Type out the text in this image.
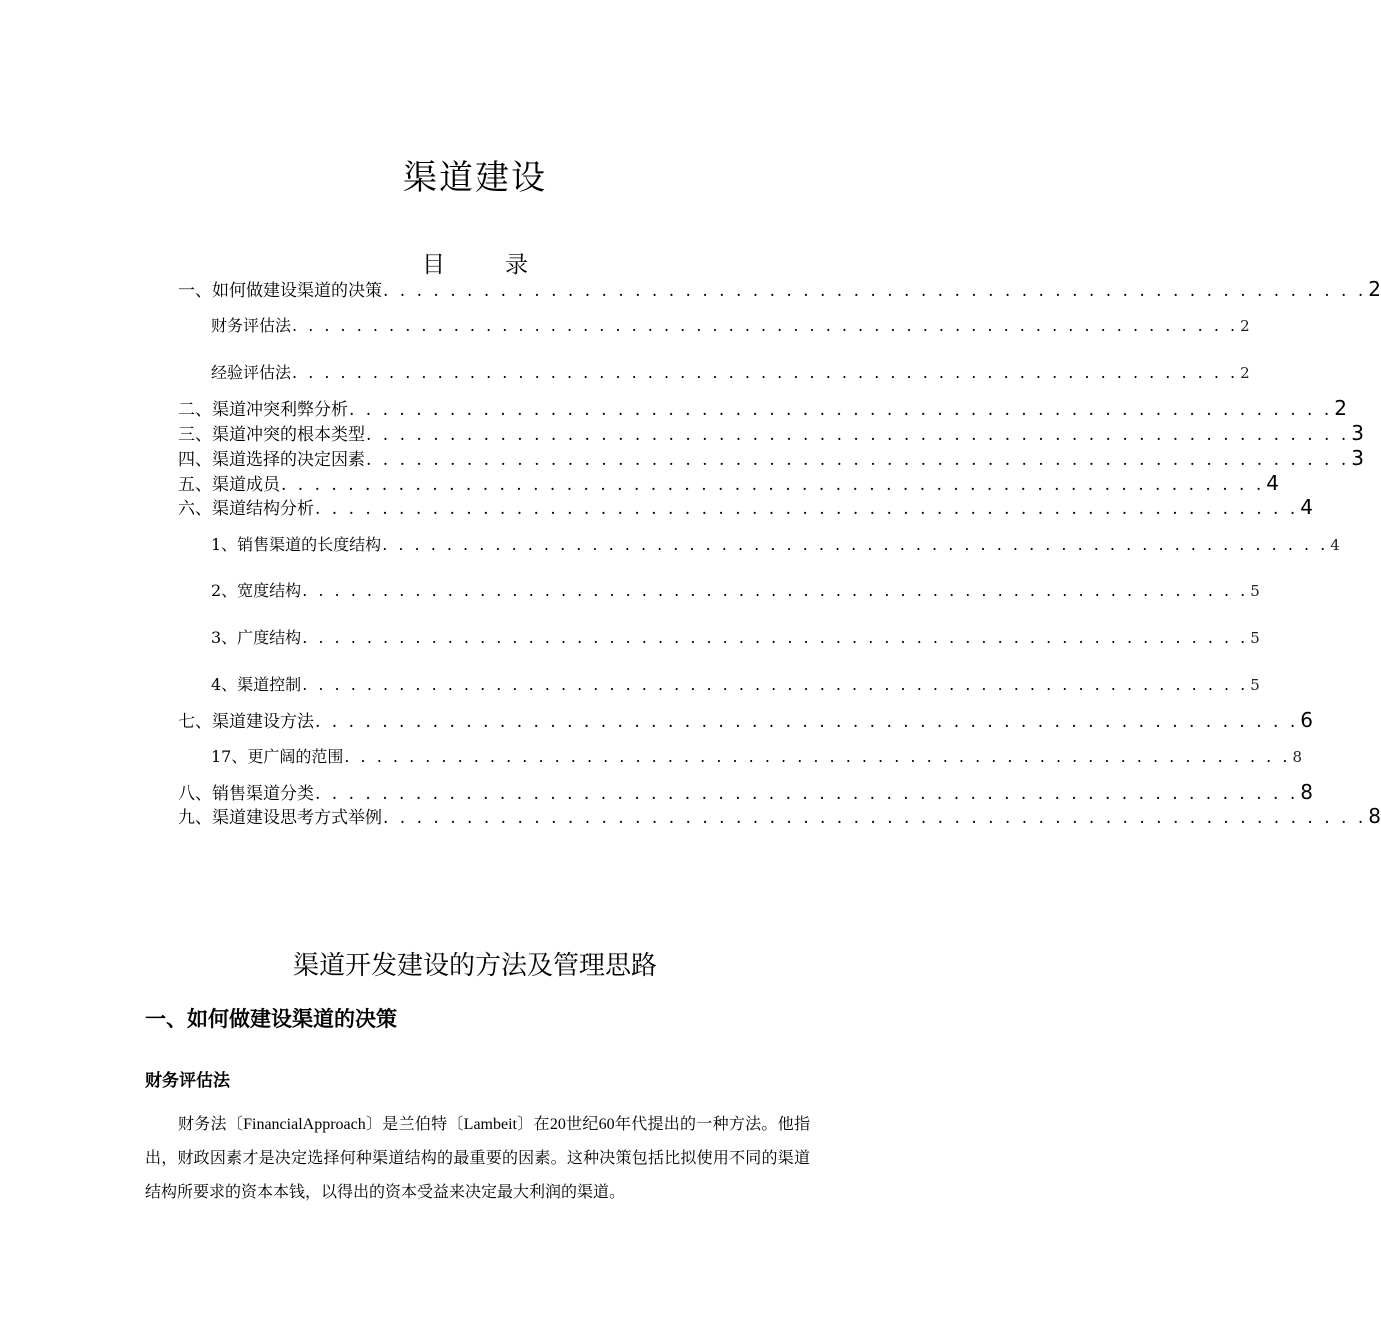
渠道建设
目	录
一、如何做建设渠道的决策 . . . . . . . . . . . . . . . . . . . . . . . . . . . . . . . . . . . . . . . . . . . . . . . . . . . . . . . . . . . 2
财务评估法 . . . . . . . . . . . . . . . . . . . . . . . . . . . . . . . . . . . . . . . . . . . . . . . . . . . . . . . . . . . 2
经验评估法 . . . . . . . . . . . . . . . . . . . . . . . . . . . . . . . . . . . . . . . . . . . . . . . . . . . . . . . . . . . 2
二、渠道冲突利弊分析 . . . . . . . . . . . . . . . . . . . . . . . . . . . . . . . . . . . . . . . . . . . . . . . . . . . . . . . . . . . 2
三、渠道冲突的根本类型 . . . . . . . . . . . . . . . . . . . . . . . . . . . . . . . . . . . . . . . . . . . . . . . . . . . . . . . . . . . 3
四、渠道选择的决定因素 . . . . . . . . . . . . . . . . . . . . . . . . . . . . . . . . . . . . . . . . . . . . . . . . . . . . . . . . . . . 3
五、渠道成员 . . . . . . . . . . . . . . . . . . . . . . . . . . . . . . . . . . . . . . . . . . . . . . . . . . . . . . . . . . . 4
六、渠道结构分析 . . . . . . . . . . . . . . . . . . . . . . . . . . . . . . . . . . . . . . . . . . . . . . . . . . . . . . . . . . . 4
1、销售渠道的长度结构 . . . . . . . . . . . . . . . . . . . . . . . . . . . . . . . . . . . . . . . . . . . . . . . . . . . . . . . . . . . 4
2、宽度结构 . . . . . . . . . . . . . . . . . . . . . . . . . . . . . . . . . . . . . . . . . . . . . . . . . . . . . . . . . . . 5
3、广度结构 . . . . . . . . . . . . . . . . . . . . . . . . . . . . . . . . . . . . . . . . . . . . . . . . . . . . . . . . . . . 5
4、渠道控制 . . . . . . . . . . . . . . . . . . . . . . . . . . . . . . . . . . . . . . . . . . . . . . . . . . . . . . . . . . . 5
七、渠道建设方法 . . . . . . . . . . . . . . . . . . . . . . . . . . . . . . . . . . . . . . . . . . . . . . . . . . . . . . . . . . . 6
17、更广阔的范围 . . . . . . . . . . . . . . . . . . . . . . . . . . . . . . . . . . . . . . . . . . . . . . . . . . . . . . . . . . . 8
八、销售渠道分类 . . . . . . . . . . . . . . . . . . . . . . . . . . . . . . . . . . . . . . . . . . . . . . . . . . . . . . . . . . . 8
九、渠道建设思考方式举例 . . . . . . . . . . . . . . . . . . . . . . . . . . . . . . . . . . . . . . . . . . . . . . . . . . . . . . . . . . . 8
渠道开发建设的方法及管理思路
一、如何做建设渠道的决策
财务评估法
财务法〔FinancialApproach〕是兰伯特〔Lambeit〕在20世纪60年代提出的一种方法。他指出，财政因素才是决定选择何种渠道结构的最重要的因素。这种决策包括比拟使用不同的渠道结构所要求的资本本钱，以得出的资本受益来决定最大利润的渠道。
